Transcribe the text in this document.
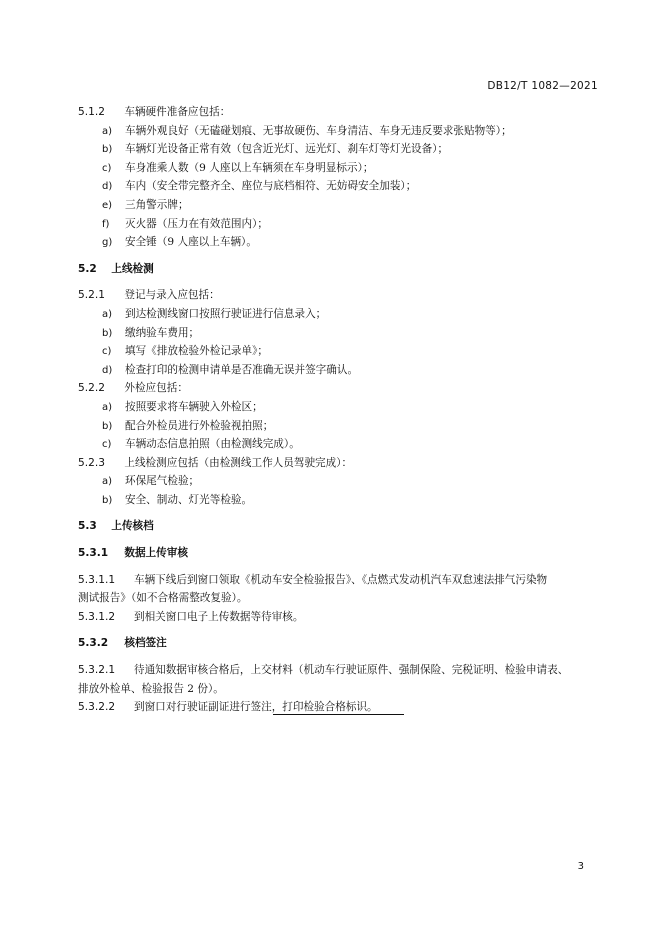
DB12/T 1082—2021
5.1.2 车辆硬件准备应包括：
a) 车辆外观良好（无磕碰划痕、无事故硬伤、车身清洁、车身无违反要求张贴物等）；
b) 车辆灯光设备正常有效（包含近光灯、远光灯、刹车灯等灯光设备）；
c) 车身准乘人数（9 人座以上车辆须在车身明显标示）；
d) 车内（安全带完整齐全、座位与底档相符、无妨碍安全加装）；
e) 三角警示牌；
f) 灭火器（压力在有效范围内）；
g) 安全锤（9 人座以上车辆）。
5.2 上线检测
5.2.1 登记与录入应包括：
a) 到达检测线窗口按照行驶证进行信息录入；
b) 缴纳验车费用；
c) 填写《排放检验外检记录单》；
d) 检查打印的检测申请单是否准确无误并签字确认。
5.2.2 外检应包括：
a) 按照要求将车辆驶入外检区；
b) 配合外检员进行外检验视拍照；
c) 车辆动态信息拍照（由检测线完成）。
5.2.3 上线检测应包括（由检测线工作人员驾驶完成）：
a) 环保尾气检验；
b) 安全、制动、灯光等检验。
5.3 上传核档
5.3.1 数据上传审核
5.3.1.1 车辆下线后到窗口领取《机动车安全检验报告》、《点燃式发动机汽车双怠速法排气污染物
测试报告》（如不合格需整改复验）。
5.3.1.2 到相关窗口电子上传数据等待审核。
5.3.2 核档签注
5.3.2.1 待通知数据审核合格后，上交材料（机动车行驶证原件、强制保险、完税证明、检验申请表、
排放外检单、检验报告 2 份）。
5.3.2.2 到窗口对行驶证副证进行签注，打印检验合格标识。
3
